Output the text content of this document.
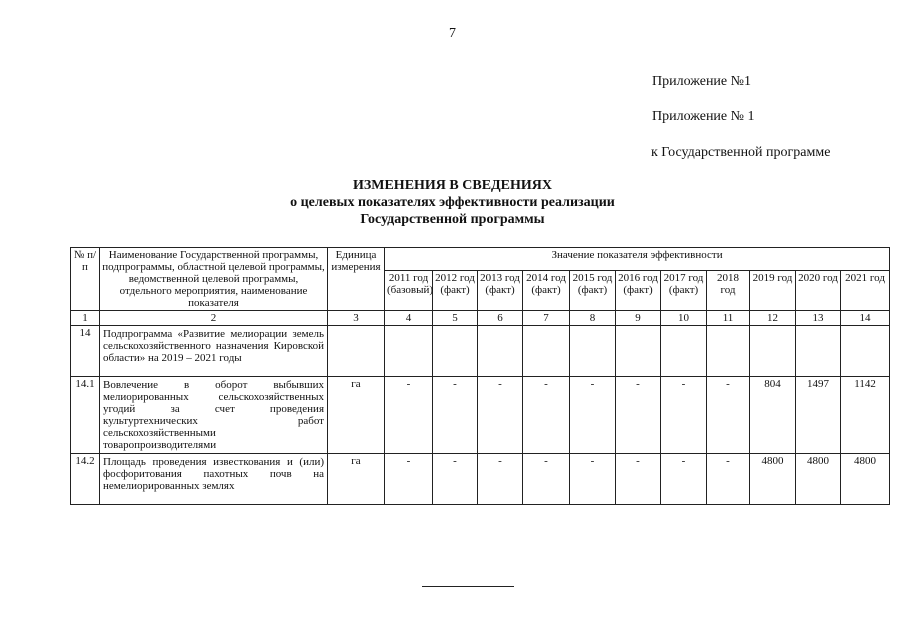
7
Приложение №1
Приложение № 1
к Государственной программе
ИЗМЕНЕНИЯ В СВЕДЕНИЯХ
о целевых показателях эффективности реализации
Государственной программы
№ п/п	Наименование Государственной программы, подпрограммы, областной целевой программы, ведомственной целевой программы, отдельного мероприятия, наименование показателя	Единица измерения	Значение показателя эффективности										
			2011 год (базовый)	2012 год (факт)	2013 год (факт)	2014 год (факт)	2015 год (факт)	2016 год (факт)	2017 год (факт)	2018 год	2019 год	2020 год	2021 год
1	2	3	4	5	6	7	8	9	10	11	12	13	14
14	Подпрограмма «Развитие мелиорации земель сельскохозяйственного назначения Кировской области» на 2019 – 2021 годы												
14.1	Вовлечение в оборот выбывших мелиорированных сельскохозяйственных угодий за счет проведения культуртехнических работ сельскохозяйственными товаропроизводителями	га	-	-	-	-	-	-	-	-	804	1497	1142
14.2	Площадь проведения известкования и (или) фосфоритования пахотных почв на немелиорированных землях	га	-	-	-	-	-	-	-	-	4800	4800	4800
